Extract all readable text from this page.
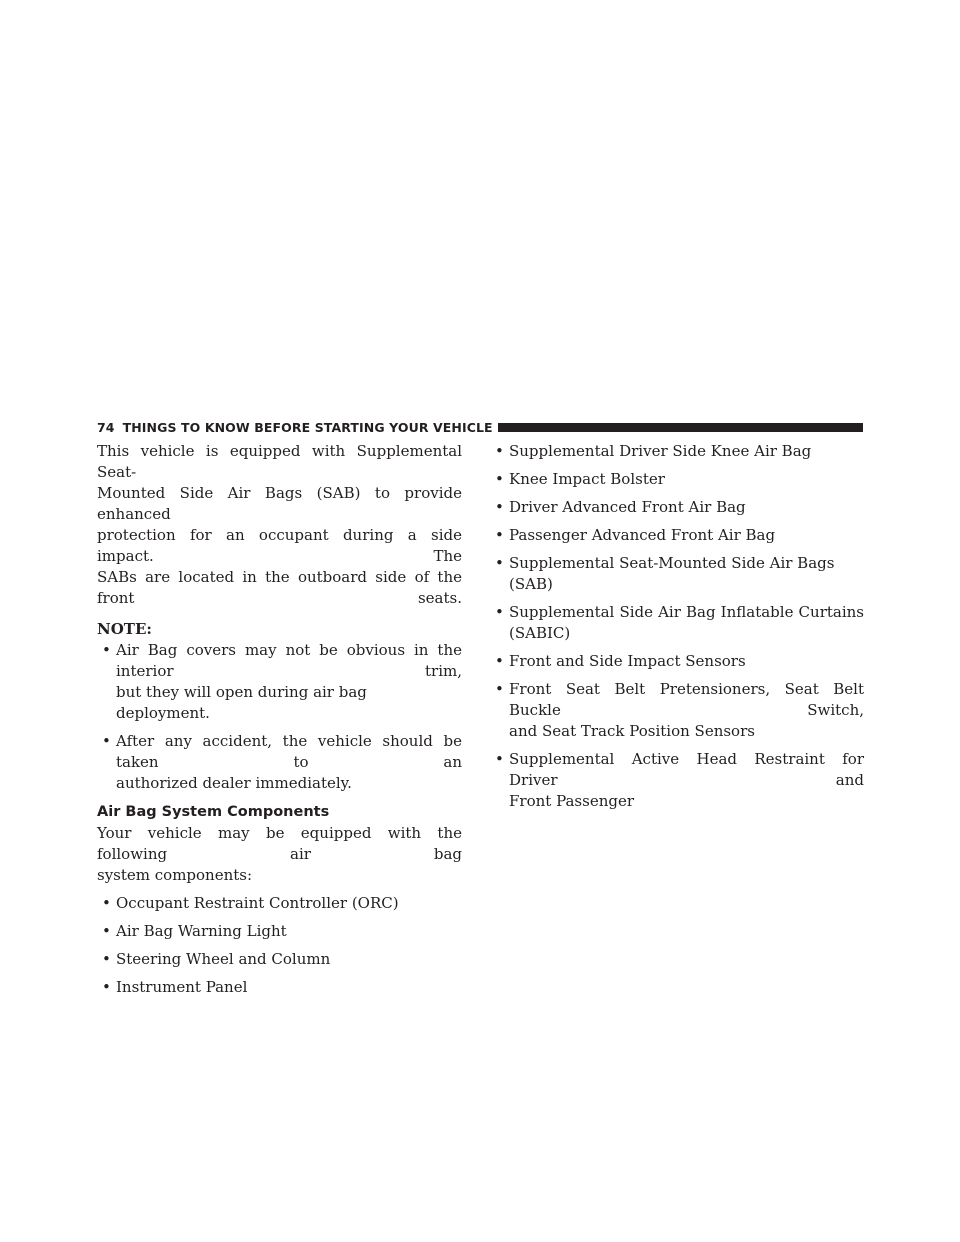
74 THINGS TO KNOW BEFORE STARTING YOUR VEHICLE

This vehicle is equipped with Supplemental Seat-
Mounted Side Air Bags (SAB) to provide enhanced
protection for an occupant during a side impact. The
SABs are located in the outboard side of the front seats.

NOTE:

• Air Bag covers may not be obvious in the interior trim,
but they will open during air bag deployment.
• After any accident, the vehicle should be taken to an
authorized dealer immediately.

Air Bag System Components

Your vehicle may be equipped with the following air bag
system components:

• Occupant Restraint Controller (ORC)
• Air Bag Warning Light
• Steering Wheel and Column
• Instrument Panel
• Supplemental Driver Side Knee Air Bag
• Knee Impact Bolster
• Driver Advanced Front Air Bag
• Passenger Advanced Front Air Bag
• Supplemental Seat-Mounted Side Air Bags (SAB)
• Supplemental Side Air Bag Inflatable Curtains
(SABIC)
• Front and Side Impact Sensors
• Front Seat Belt Pretensioners, Seat Belt Buckle Switch,
and Seat Track Position Sensors
• Supplemental Active Head Restraint for Driver and
Front Passenger
